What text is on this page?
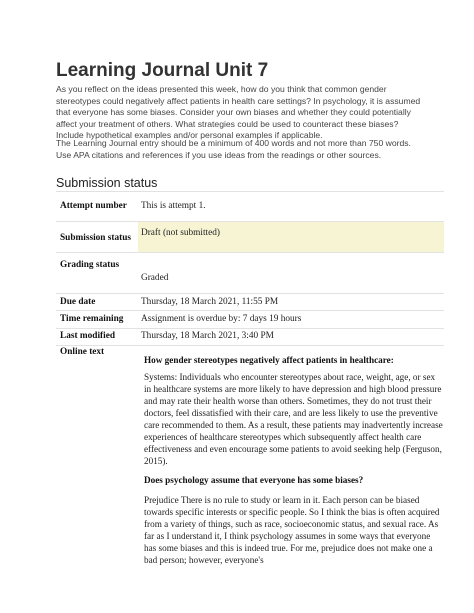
Learning Journal Unit 7
As you reflect on the ideas presented this week, how do you think that common gender stereotypes could negatively affect patients in health care settings? In psychology, it is assumed that everyone has some biases. Consider your own biases and whether they could potentially affect your treatment of others. What strategies could be used to counteract these biases? Include hypothetical examples and/or personal examples if applicable.
The Learning Journal entry should be a minimum of 400 words and not more than 750 words. Use APA citations and references if you use ideas from the readings or other sources.
Submission status
Attempt number This is attempt 1.
Submission status Draft (not submitted)
Grading status
Graded
Due date	Thursday, 18 March 2021, 11:55 PM
Time remaining Assignment is overdue by: 7 days 19 hours
Last modified	Thursday, 18 March 2021, 3:40 PM
Online text
How gender stereotypes negatively affect patients in healthcare:
Systems: Individuals who encounter stereotypes about race, weight, age, or sex in healthcare systems are more likely to have depression and high blood pressure and may rate their health worse than others. Sometimes, they do not trust their doctors, feel dissatisfied with their care, and are less likely to use the preventive care recommended to them. As a result, these patients may inadvertently increase experiences of healthcare stereotypes which subsequently affect health care effectiveness and even encourage some patients to avoid seeking help (Ferguson, 2015).
Does psychology assume that everyone has some biases?
Prejudice There is no rule to study or learn in it. Each person can be biased towards specific interests or specific people. So I think the bias is often acquired from a variety of things, such as race, socioeconomic status, and sexual race. As far as I understand it, I think psychology assumes in some ways that everyone has some biases and this is indeed true. For me, prejudice does not make one a bad person; however, everyone's
